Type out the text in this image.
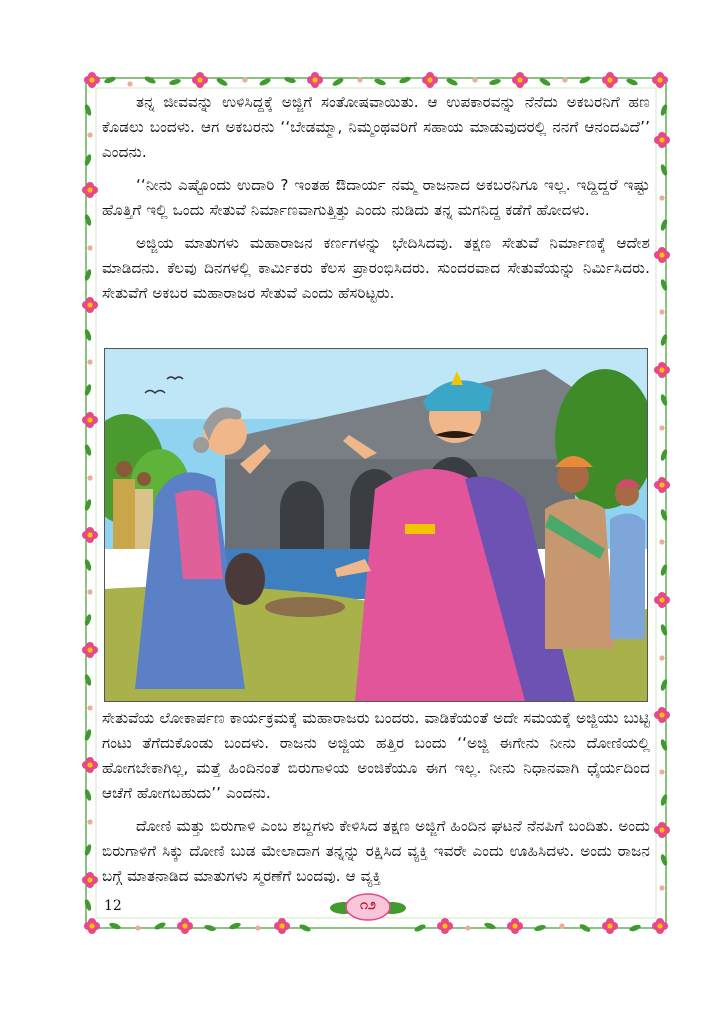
ತನ್ನ ಜೀವವನ್ನು ಉಳಿಸಿದ್ದಕ್ಕೆ ಅಜ್ಜಿಗೆ ಸಂತೋಷವಾಯಿತು. ಆ ಉಪಕಾರವನ್ನು ನೆನೆದು ಅಕಬರನಿಗೆ ಹಣ ಕೊಡಲು ಬಂದಳು. ಆಗ ಅಕಬರನು ‘‘ಬೇಡಮ್ಮಾ, ನಿಮ್ಮಂಥವರಿಗೆ ಸಹಾಯ ಮಾಡುವುದರಲ್ಲಿ ನನಗೆ ಆನಂದವಿದೆ’’ ಎಂದನು.

‘‘ನೀನು ಎಷ್ಟೊಂದು ಉದಾರಿ ? ಇಂತಹ ಔದಾರ್ಯ ನಮ್ಮ ರಾಜನಾದ ಅಕಬರನಿಗೂ ಇಲ್ಲ. ಇದ್ದಿದ್ದರೆ ಇಷ್ಟು ಹೊತ್ತಿಗೆ ಇಲ್ಲಿ ಒಂದು ಸೇತುವೆ ನಿರ್ಮಾಣವಾಗುತ್ತಿತ್ತು ಎಂದು ನುಡಿದು ತನ್ನ ಮಗನಿದ್ದ ಕಡೆಗೆ ಹೋದಳು.

ಅಜ್ಜಿಯ ಮಾತುಗಳು ಮಹಾರಾಜನ ಕರ್ಣಗಳನ್ನು ಭೇದಿಸಿದವು. ತಕ್ಷಣ ಸೇತುವೆ ನಿರ್ಮಾಣಕ್ಕೆ ಆದೇಶ ಮಾಡಿದನು. ಕೆಲವು ದಿನಗಳಲ್ಲಿ ಕಾರ್ಮಿಕರು ಕೆಲಸ ಪ್ರಾರಂಭಿಸಿದರು. ಸುಂದರವಾದ ಸೇತುವೆಯನ್ನು ನಿರ್ಮಿಸಿದರು. ಸೇತುವೆಗೆ ಅಕಬರ ಮಹಾರಾಜರ ಸೇತುವೆ ಎಂದು ಹೆಸರಿಟ್ಟರು.

ಸೇತುವೆಯ ಲೋಕಾರ್ಪಣ ಕಾರ್ಯಕ್ರಮಕ್ಕೆ ಮಹಾರಾಜರು ಬಂದರು. ವಾಡಿಕೆಯಂತೆ ಅದೇ ಸಮಯಕ್ಕೆ ಅಜ್ಜಿಯು ಬುಟ್ಟಿ ಗಂಟು ತೆಗೆದುಕೊಂಡು ಬಂದಳು. ರಾಜನು ಅಜ್ಜಿಯ ಹತ್ತಿರ ಬಂದು ‘‘ಅಜ್ಜಿ ಈಗೇನು ನೀನು ದೋಣಿಯಲ್ಲಿ ಹೋಗಬೇಕಾಗಿಲ್ಲ, ಮತ್ತೆ ಹಿಂದಿನಂತೆ ಬಿರುಗಾಳಿಯ ಅಂಜಿಕೆಯೂ ಈಗ ಇಲ್ಲ. ನೀನು ನಿಧಾನವಾಗಿ ಧೈರ್ಯದಿಂದ ಆಚೆಗೆ ಹೋಗಬಹುದು’’ ಎಂದನು.

ದೋಣಿ ಮತ್ತು ಬಿರುಗಾಳಿ ಎಂಬ ಶಬ್ದಗಳು ಕೇಳಿಸಿದ ತಕ್ಷಣ ಅಜ್ಜಿಗೆ ಹಿಂದಿನ ಘಟನೆ ನೆನಪಿಗೆ ಬಂದಿತು. ಅಂದು ಬಿರುಗಾಳಿಗೆ ಸಿಕ್ಕು ದೋಣಿ ಬುಡ ಮೇಲಾದಾಗ ತನ್ನನ್ನು ರಕ್ಷಿಸಿದ ವ್ಯಕ್ತಿ ಇವರೇ ಎಂದು ಊಹಿಸಿದಳು. ಅಂದು ರಾಜನ ಬಗ್ಗೆ ಮಾತನಾಡಿದ ಮಾತುಗಳು ಸ್ಮರಣೆಗೆ ಬಂದವು. ಆ ವ್ಯಕ್ತಿ

12	೧೨
